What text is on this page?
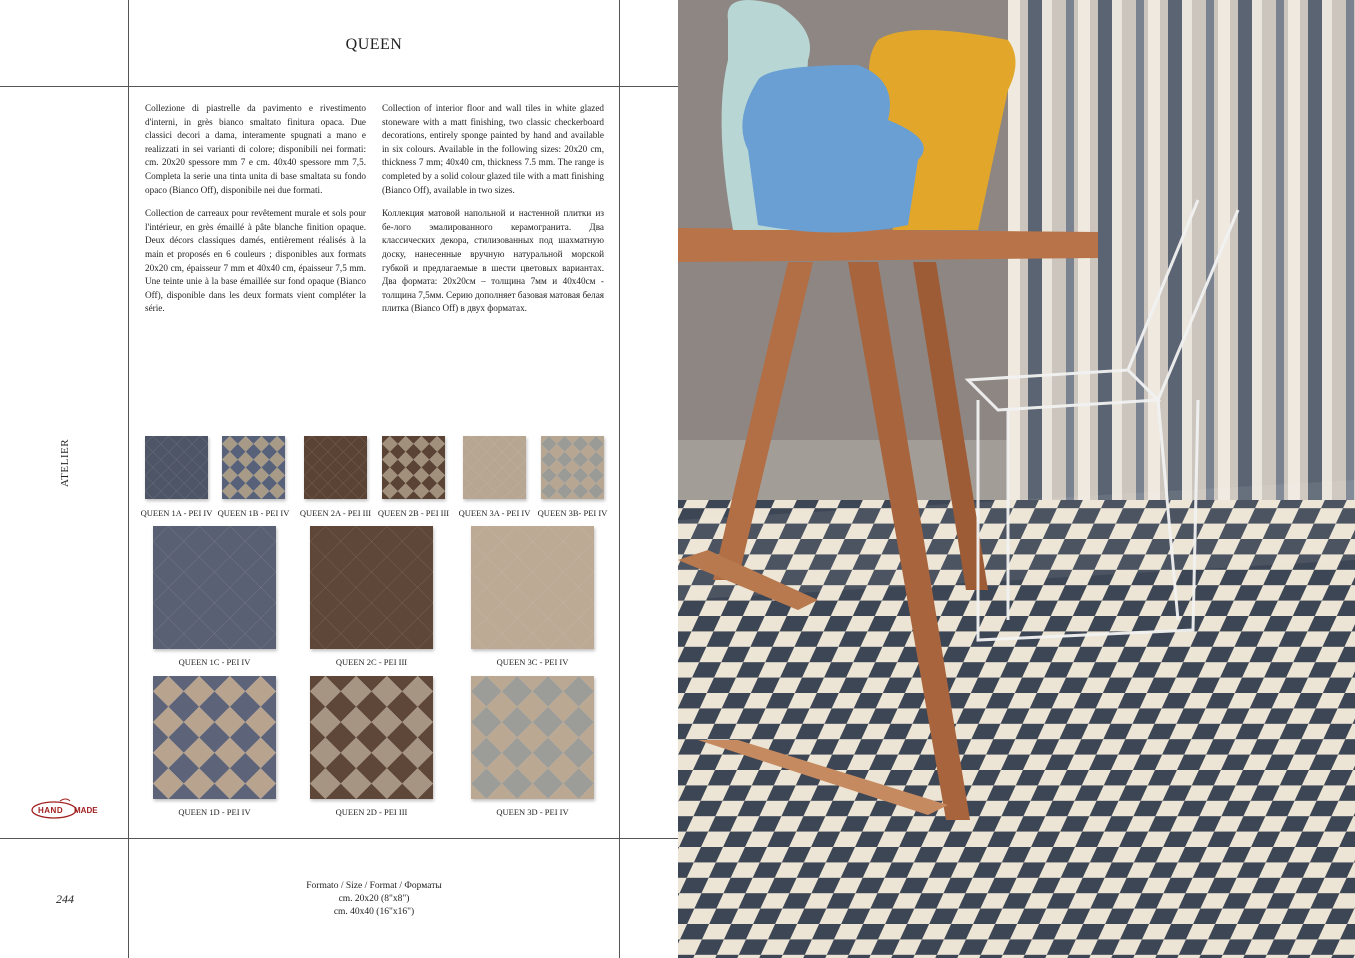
QUEEN
ATELIER

Collezione di piastrelle da pavimento e rivestimento d'interni, in grès bianco smaltato finitura opaca. Due classici decori a dama, interamente spugnati a mano e realizzati in sei varianti di colore; disponibili nei formati: cm. 20x20 spessore mm 7 e cm. 40x40 spessore mm 7,5. Completa la serie una tinta unita di base smaltata su fondo opaco (Bianco Off), disponibile nei due formati.

Collection de carreaux pour revêtement murale et sols pour l'intérieur, en grès émaillé à pâte blanche finition opaque. Deux décors classiques damés, entièrement réalisés à la main et proposés en 6 couleurs ; disponibles aux formats 20x20 cm, épaisseur 7 mm et 40x40 cm, épaisseur 7,5 mm. Une teinte unie à la base émaillée sur fond opaque (Bianco Off), disponible dans les deux formats vient compléter la série.

Collection of interior floor and wall tiles in white glazed stoneware with a matt finishing, two classic checkerboard decorations, entirely sponge painted by hand and available in six colours. Available in the following sizes: 20x20 cm, thickness 7 mm; 40x40 cm, thickness 7.5 mm. The range is completed by a solid colour glazed tile with a matt finishing (Bianco Off), available in two sizes.

Коллекция матовой напольной и настенной плитки из бе-лого эмалированного керамогранита. Два классических декора, стилизованных под шахматную доску, нанесенные вручную натуральной морской губкой и предлагаемые в шести цветовых вариантах. Два формата: 20х20см – толщина 7мм и 40х40см - толщина 7,5мм. Серию дополняет базовая матовая белая плитка (Bianco Off) в двух форматах.

QUEEN 1A - PEI IV QUEEN 1B - PEI IV	QUEEN 2A - PEI III QUEEN 2B - PEI III	QUEEN 3A - PEI IV QUEEN 3B- PEI IV
QUEEN 1C - PEI IV	QUEEN 2C - PEI III	QUEEN 3C - PEI IV
QUEEN 1D - PEI IV	QUEEN 2D - PEI III	QUEEN 3D - PEI IV
HAND MADE
244
Formato / Size / Format / Форматы
cm. 20x20 (8"x8")
cm. 40x40 (16"x16")
